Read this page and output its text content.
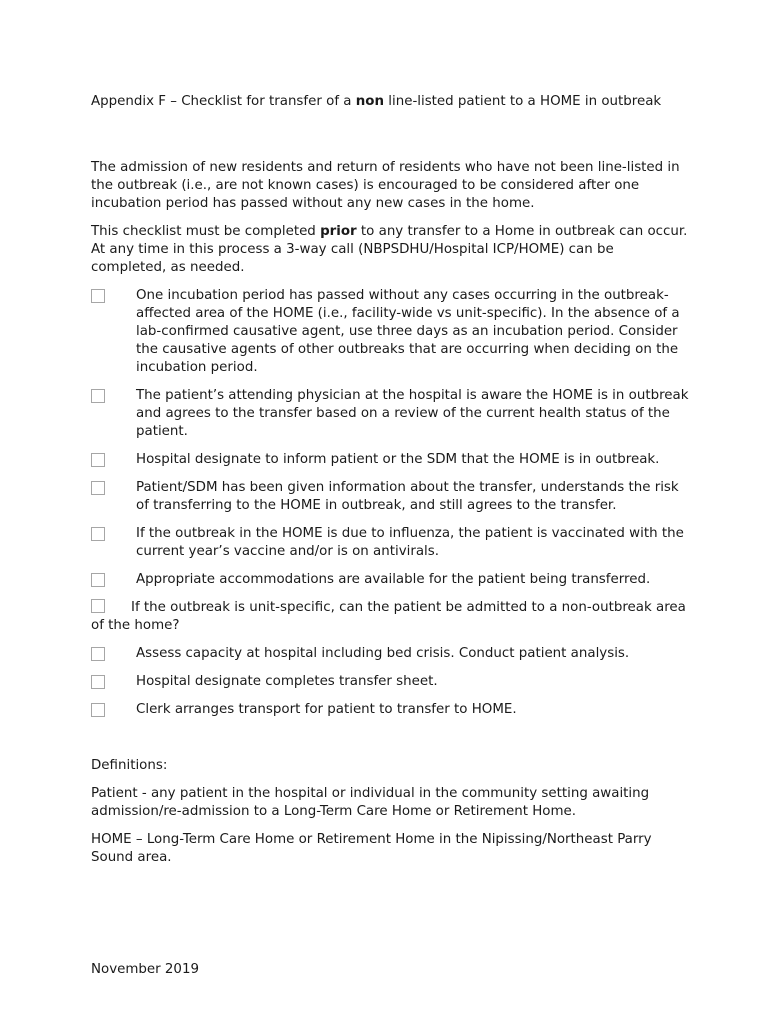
Appendix F – Checklist for transfer of a non line-listed patient to a HOME in outbreak

The admission of new residents and return of residents who have not been line-listed in the outbreak (i.e., are not known cases) is encouraged to be considered after one incubation period has passed without any new cases in the home.

This checklist must be completed prior to any transfer to a Home in outbreak can occur. At any time in this process a 3-way call (NBPSDHU/Hospital ICP/HOME) can be completed, as needed.

One incubation period has passed without any cases occurring in the outbreak-affected area of the HOME (i.e., facility-wide vs unit-specific). In the absence of a lab-confirmed causative agent, use three days as an incubation period. Consider the causative agents of other outbreaks that are occurring when deciding on the incubation period.
The patient’s attending physician at the hospital is aware the HOME is in outbreak and agrees to the transfer based on a review of the current health status of the patient.
Hospital designate to inform patient or the SDM that the HOME is in outbreak.
Patient/SDM has been given information about the transfer, understands the risk of transferring to the HOME in outbreak, and still agrees to the transfer.
If the outbreak in the HOME is due to influenza, the patient is vaccinated with the current year’s vaccine and/or is on antivirals.
Appropriate accommodations are available for the patient being transferred.
If the outbreak is unit-specific, can the patient be admitted to a non-outbreak area of the home?
Assess capacity at hospital including bed crisis. Conduct patient analysis.
Hospital designate completes transfer sheet.
Clerk arranges transport for patient to transfer to HOME.

Definitions:

Patient - any patient in the hospital or individual in the community setting awaiting admission/re-admission to a Long-Term Care Home or Retirement Home.

HOME – Long-Term Care Home or Retirement Home in the Nipissing/Northeast Parry Sound area.

November 2019
